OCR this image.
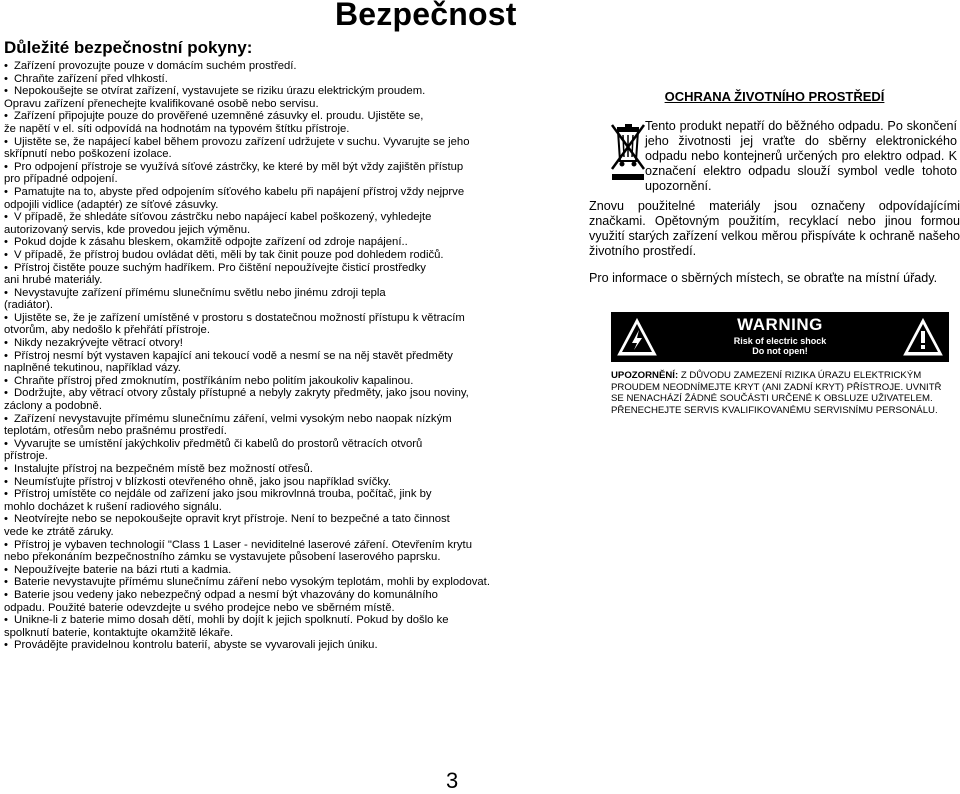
Bezpečnost
Důležité bezpečnostní pokyny:
• Zařízení provozujte pouze v domácím suchém prostředí.
• Chraňte zařízení před vlhkostí.
• Nepokoušejte se otvírat zařízení, vystavujete se riziku úrazu elektrickým proudem.
Opravu zařízení přenechejte kvalifikované osobě nebo servisu.
• Zařízení připojujte pouze do prověřené uzemněné zásuvky el. proudu. Ujistěte se,
že napětí v el. síti odpovídá na hodnotám na typovém štítku přístroje.
• Ujistěte se, že napájecí kabel během provozu zařízení udržujete v suchu. Vyvarujte se jeho
skřípnutí nebo poškození izolace.
• Pro odpojení přístroje se využívá síťové zástrčky, ke které by měl být vždy zajištěn přístup
pro případné odpojení.
• Pamatujte na to, abyste před odpojením síťového kabelu při napájení přístroj vždy nejprve
odpojili vidlice (adaptér) ze síťové zásuvky.
• V případě, že shledáte síťovou zástrčku nebo napájecí kabel poškozený, vyhledejte
autorizovaný servis, kde provedou jejich výměnu.
• Pokud dojde k zásahu bleskem, okamžitě odpojte zařízení od zdroje napájení..
• V případě, že přístroj budou ovládat děti, měli by tak činit pouze pod dohledem rodičů.
• Přístroj čistěte pouze suchým hadříkem. Pro čištění nepoužívejte čisticí prostředky
ani hrubé materiály.
• Nevystavujte zařízení přímému slunečnímu světlu nebo jinému zdroji tepla
(radiátor).
• Ujistěte se, že je zařízení umístěné v prostoru s dostatečnou možností přístupu k větracím
otvorům, aby nedošlo k přehřátí přístroje.
• Nikdy nezakrývejte větrací otvory!
• Přístroj nesmí být vystaven kapající ani tekoucí vodě a nesmí se na něj stavět předměty
naplněné tekutinou, například vázy.
• Chraňte přístroj před zmoknutím, postříkáním nebo politím jakoukoliv kapalinou.
• Dodržujte, aby větrací otvory zůstaly přístupné a nebyly zakryty předměty, jako jsou noviny,
záclony a podobně.
• Zařízení nevystavujte přímému slunečnímu záření, velmi vysokým nebo naopak nízkým
teplotám, otřesům nebo prašnému prostředí.
• Vyvarujte se umístění jakýchkoliv předmětů či kabelů do prostorů větracích otvorů
přístroje.
• Instalujte přístroj na bezpečném místě bez možností otřesů.
• Neumísťujte přístroj v blízkosti otevřeného ohně, jako jsou například svíčky.
• Přístroj umístěte co nejdále od zařízení jako jsou mikrovlnná trouba, počítač, jink by
mohlo docházet k rušení radiového signálu.
• Neotvírejte nebo se nepokoušejte opravit kryt přístroje. Není to bezpečné a tato činnost
vede ke ztrátě záruky.
• Přístroj je vybaven technologií "Class 1 Laser - neviditelné laserové záření. Otevřením krytu
nebo překonáním bezpečnostního zámku se vystavujete působení laserového paprsku.
• Nepoužívejte baterie na bázi rtuti a kadmia.
• Baterie nevystavujte přímému slunečnímu záření nebo vysokým teplotám, mohli by explodovat.
• Baterie jsou vedeny jako nebezpečný odpad a nesmí být vhazovány do komunálního
odpadu. Použité baterie odevzdejte u svého prodejce nebo ve sběrném místě.
• Unikne-li z baterie mimo dosah dětí, mohli by dojít k jejich spolknutí. Pokud by došlo ke
spolknutí baterie, kontaktujte okamžitě lékaře.
• Provádějte pravidelnou kontrolu baterií, abyste se vyvarovali jejich úniku.
OCHRANA ŽIVOTNÍHO PROSTŘEDÍ
Tento produkt nepatří do běžného odpadu. Po skončení jeho životnosti jej vraťte do sběrny elektronického odpadu nebo kontejnerů určených pro elektro odpad. K označení elektro odpadu slouží symbol vedle tohoto upozornění.

Znovu použitelné materiály jsou označeny odpovídajícími značkami. Opětovným použitím, recyklací nebo jinou formou využití starých zařízení velkou měrou přispíváte k ochraně našeho životního prostředí.

Pro informace o sběrných místech, se obraťte na místní úřady.

WARNING
Risk of electric shock
Do not open!
UPOZORNĚNÍ: Z DŮVODU ZAMEZENÍ RIZIKA ÚRAZU ELEKTRICKÝM PROUDEM NEODNÍMEJTE KRYT (ANI ZADNÍ KRYT) PŘÍSTROJE. UVNITŘ SE NENACHÁZÍ ŽÁDNÉ SOUČÁSTI URČENÉ K OBSLUZE UŽIVATELEM. PŘENECHEJTE SERVIS KVALIFIKOVANÉMU SERVISNÍMU PERSONÁLU.
3
